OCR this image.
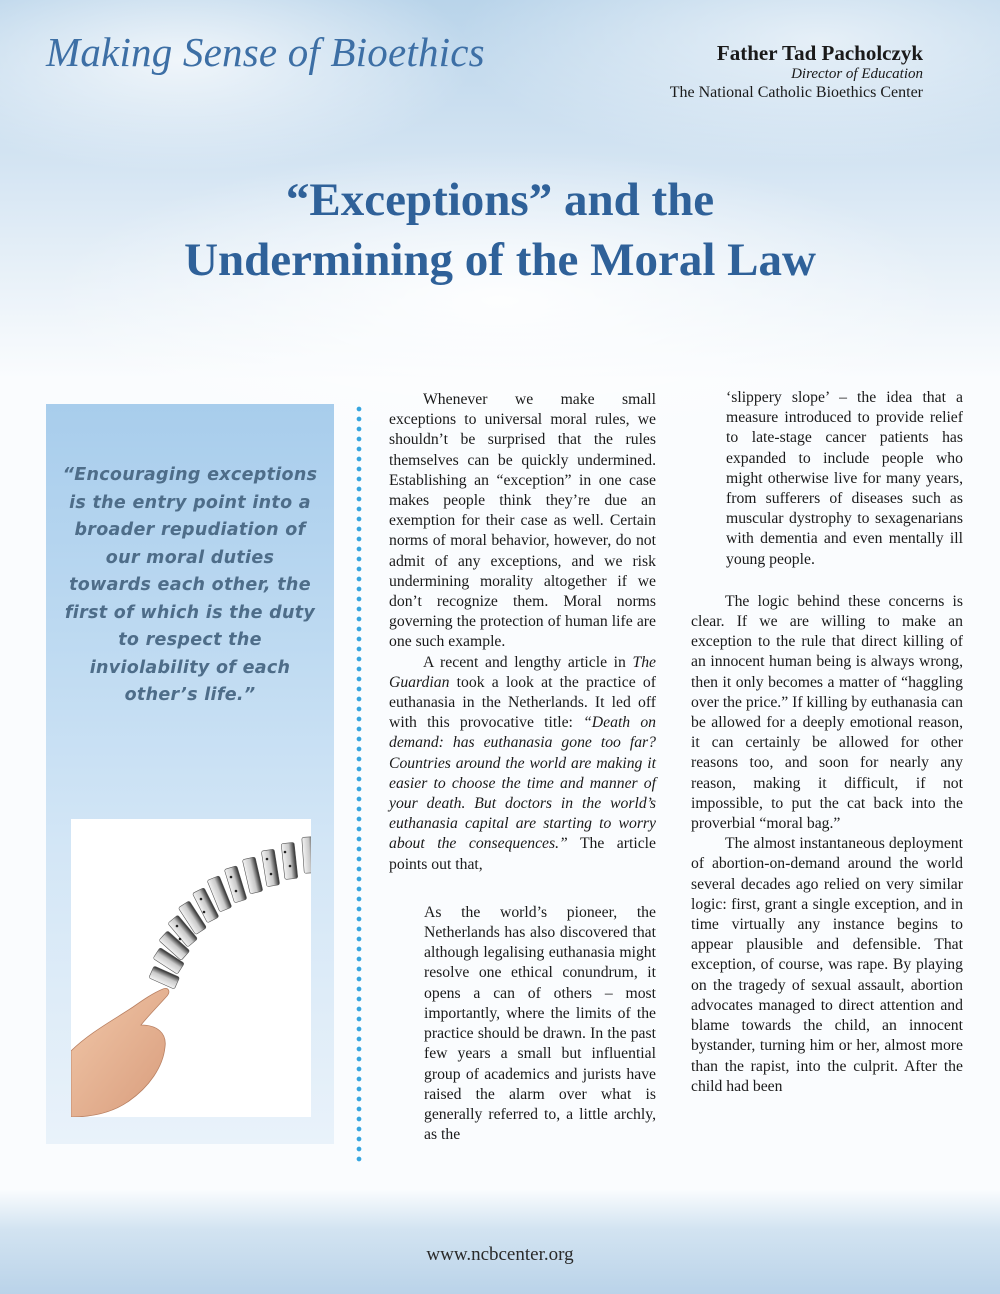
Making Sense of Bioethics	Father Tad Pacholczyk
Director of Education
The National Catholic Bioethics Center
“Exceptions” and the
Undermining of the Moral Law

“Encouraging exceptions is the entry point into a broader repudiation of our moral duties towards each other, the first of which is the duty to respect the inviolability of each other’s life.”

Whenever we make small exceptions to universal moral rules, we shouldn’t be surprised that the rules themselves can be quickly undermined. Establishing an “exception” in one case makes people think they’re due an exemption for their case as well. Certain norms of moral behavior, however, do not admit of any exceptions, and we risk undermining morality altogether if we don’t recognize them. Moral norms governing the protection of human life are one such example.

A recent and lengthy article in The Guardian took a look at the practice of euthanasia in the Netherlands. It led off with this provocative title: “Death on demand: has euthanasia gone too far? Countries around the world are making it easier to choose the time and manner of your death. But doctors in the world’s euthanasia capital are starting to worry about the consequences.” The article points out that,

As the world’s pioneer, the Netherlands has also discovered that although legalising euthanasia might resolve one ethical conundrum, it opens a can of others – most importantly, where the limits of the practice should be drawn. In the past few years a small but influential group of academics and jurists have raised the alarm over what is generally referred to, a little archly, as the

‘slippery slope’ – the idea that a measure introduced to provide relief to late-stage cancer patients has expanded to include people who might otherwise live for many years, from sufferers of diseases such as muscular dystrophy to sexagenarians with dementia and even mentally ill young people.

The logic behind these concerns is clear. If we are willing to make an exception to the rule that direct killing of an innocent human being is always wrong, then it only becomes a matter of “haggling over the price.” If killing by euthanasia can be allowed for a deeply emotional reason, it can certainly be allowed for other reasons too, and soon for nearly any reason, making it difficult, if not impossible, to put the cat back into the proverbial “moral bag.”

The almost instantaneous deployment of abortion-on-demand around the world several decades ago relied on very similar logic: first, grant a single exception, and in time virtually any instance begins to appear plausible and defensible. That exception, of course, was rape. By playing on the tragedy of sexual assault, abortion advocates managed to direct attention and blame towards the child, an innocent bystander, turning him or her, almost more than the rapist, into the culprit. After the child had been

www.ncbcenter.org
